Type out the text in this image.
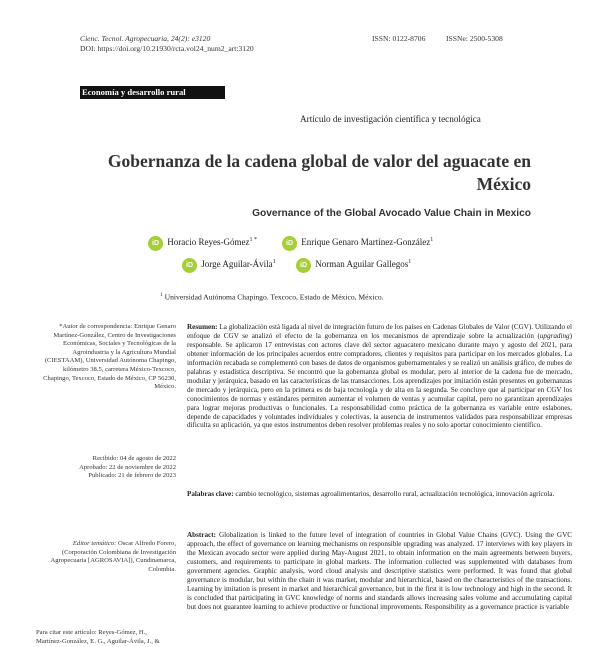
Cienc. Tecnol. Agropecuaria, 24(2): e3120
DOI: https://doi.org/10.21930/rcta.vol24_num2_art:3120
ISSN: 0122-8706	ISSNe: 2500-5308
Economía y desarrollo rural
Artículo de investigación científica y tecnológica
Gobernanza de la cadena global de valor del aguacate en
México
Governance of the Global Avocado Value Chain in Mexico
iD Horacio Reyes-Gómez$^{1 *}$	iD Enrique Genaro Martínez-González$^1$
iD Jorge Aguilar-Ávila$^1$	iD Norman Aguilar Gallegos$^1$
$^1$ Universidad Autónoma Chapingo. Texcoco, Estado de México, México.
*Autor de correspondencia: Enrique Genaro Martínez-González, Centro de Investigaciones Económicas, Sociales y Tecnológicas de la Agroindustria y la Agricultura Mundial (CIESTAAM), Universidad Autónoma Chapingo, kilómetro 38.5, carretera México-Texcoco, Chapingo, Texcoco, Estado de México, CP 56230, México.
Recibido: 04 de agosto de 2022
Aprobado: 22 de noviembre de 2022
Publicado: 21 de febrero de 2023
Editor temático: Oscar Alfredo Forero, (Corporación Colombiana de Investigación Agropecuaria [AGROSAVIA]), Cundinamarca, Colombia.
Para citar este artículo: Reyes-Gómez, H.,
Martínez-González, E. G., Aguilar-Ávila, J., &
Resumen: La globalización está ligada al nivel de integración futuro de los países en Cadenas Globales de Valor (CGV). Utilizando el enfoque de CGV se analizó el efecto de la gobernanza en los mecanismos de aprendizaje sobre la actualización (upgrading) responsable. Se aplicaron 17 entrevistas con actores clave del sector aguacatero mexicano durante mayo y agosto del 2021, para obtener información de los principales acuerdos entre compradores, clientes y requisitos para participar en los mercados globales. La información recabada se complementó con bases de datos de organismos gubernamentales y se realizó un análisis gráfico, de nubes de palabras y estadística descriptiva. Se encontró que la gobernanza global es modular, pero al interior de la cadena fue de mercado, modular y jerárquica, basado en las características de las transacciones. Los aprendizajes por imitación están presentes en gobernanzas de mercado y jerárquica, pero en la primera es de baja tecnología y de alta en la segunda. Se concluye que al participar en CGV los conocimientos de normas y estándares permiten aumentar el volumen de ventas y acumular capital, pero no garantizan aprendizajes para lograr mejoras productivas o funcionales. La responsabilidad como práctica de la gobernanza es variable entre eslabones, depende de capacidades y voluntades individuales y colectivas, la ausencia de instrumentos validados para responsabilizar empresas dificulta su aplicación, ya que estos instrumentos deben resolver problemas reales y no solo aportar conocimiento científico.
Palabras clave: cambio tecnológico, sistemas agroalimentarios, desarrollo rural, actualización tecnológica, innovación agrícola.
Abstract: Globalization is linked to the future level of integration of countries in Global Value Chains (GVC). Using the GVC approach, the effect of governance on learning mechanisms on responsible upgrading was analyzed. 17 interviews with key players in the Mexican avocado sector were applied during May-August 2021, to obtain information on the main agreements between buyers, customers, and requirements to participate in global markets. The information collected was supplemented with databases from government agencies. Graphic analysis, word cloud analysis and descriptive statistics were performed. It was found that global governance is modular, but within the chain it was market, modular and hierarchical, based on the characteristics of the transactions. Learning by imitation is present in market and hierarchical governance, but in the first it is low technology and high in the second. It is concluded that participating in GVC knowledge of norms and standards allows increasing sales volume and accumulating capital but does not guarantee learning to achieve productive or functional improvements. Responsibility as a governance practice is variable
